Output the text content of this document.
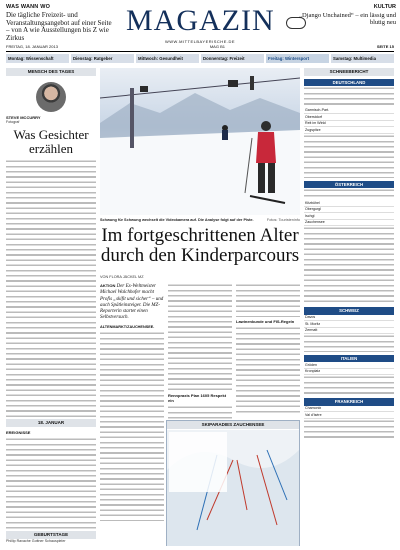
WAS WANN WO
Die tägliche Freizeit- und Veranstaltungsangebot auf einer Seite – von A wie Ausstellungen bis Z wie Zirkus
MAGAZIN
WWW.MITTELBAYERISCHE.DE
KULTUR
„Django Unchained“ – ein lässig und blutig neu
FREITAG, 18. JANUAR 2013	MAG B1	SEITE 15
Montag: Wissenschaft	Dienstag: Ratgeber	Mittwoch: Gesundheit	Donnerstag: Freizeit	Freitag: Wintersport	Samstag: Multimedia
MENSCH DES TAGES
STEVE MCCURRY
Fotograf
Was Gesichter erzählen
18. JANUAR
EREIGNISSE
GEBURTSTAGE
Phillip Ravache Gottner Schauspieler
Schwung für Schwung wechselt die Videokamera auf. Die Analyse folgt auf der Piste.	Fotos: Touristeninfo
Im fortgeschrittenen Alter durch den Kinderparcours
VON FLORA JÄCKEL MZ
AKTION Der Ex-Weltmeister Michael Walchhofer macht Profis „skifit und sicher“ – und auch Spätleinsteiger. Die MZ-Reporterin startet einen Selbstversuch.
ALTENMARKT/ZAUCHENSEE.
Rennpraxis Plan 1605 Respekt ein
Lawinenkunde und FIS-Regeln
SKIPARADIES ZAUCHENSEE
SCHNEEBERICHT
DEUTSCHLAND
Garmisch-Part.
Oberstdorf
Reit im Winkl
Zugspitze
ÖSTERREICH
Kitzbühel
Obergurgl
Ischgl
Zauchensee
SCHWEIZ
Davos
St. Moritz
Zermatt
ITALIEN
Gröden
Kronplatz
FRANKREICH
Chamonix
Val d'Isère
